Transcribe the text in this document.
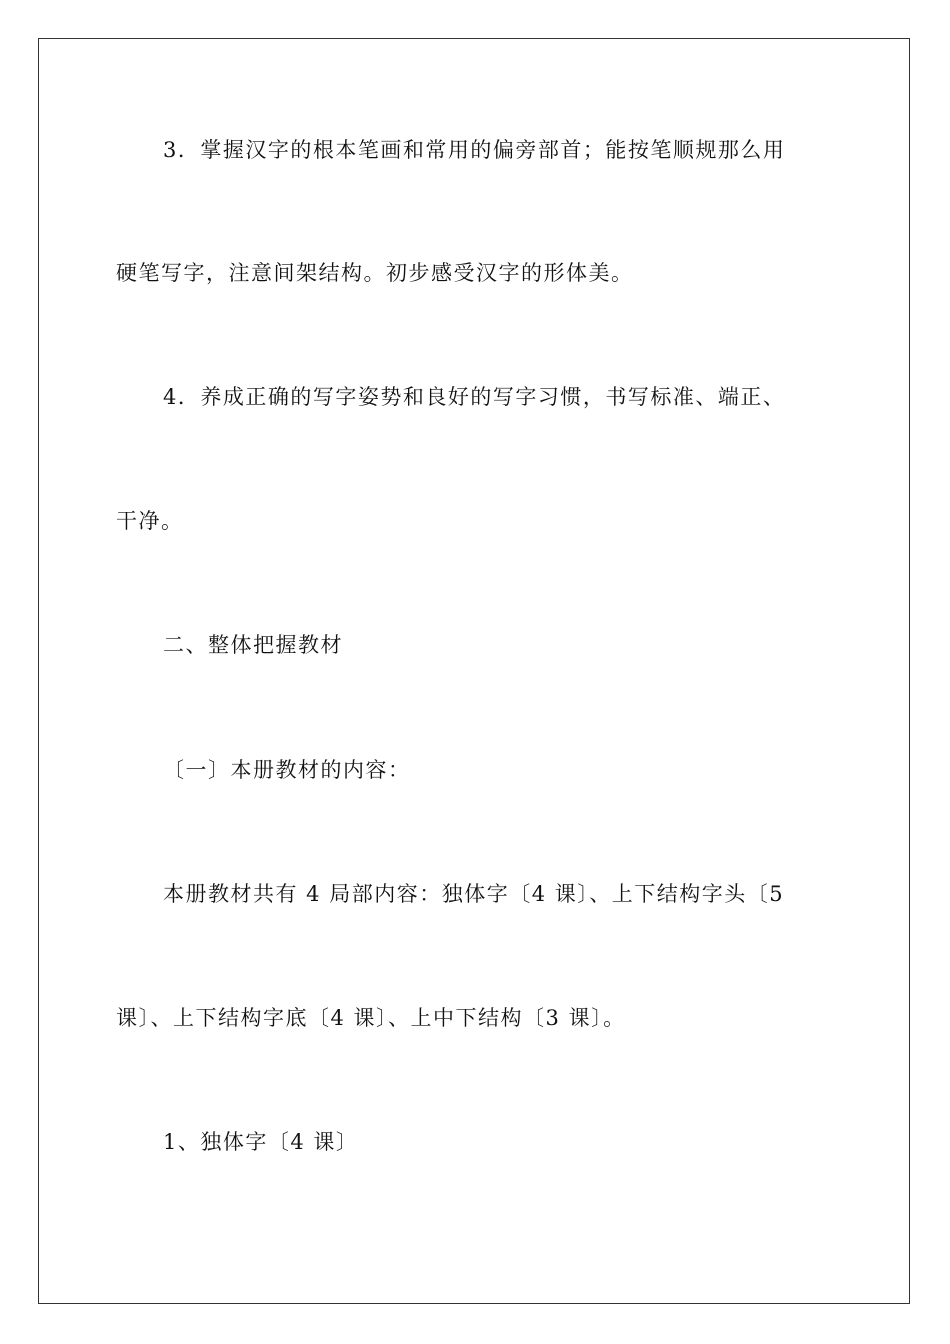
3．掌握汉字的根本笔画和常用的偏旁部首；能按笔顺规那么用
硬笔写字，注意间架结构。初步感受汉字的形体美。
4．养成正确的写字姿势和良好的写字习惯，书写标准、端正、
干净。
二、整体把握教材
〔一〕本册教材的内容：
本册教材共有 4 局部内容：独体字〔4 课〕、上下结构字头〔5
课〕、上下结构字底〔4 课〕、上中下结构〔3 课〕。
1、独体字〔4 课〕
